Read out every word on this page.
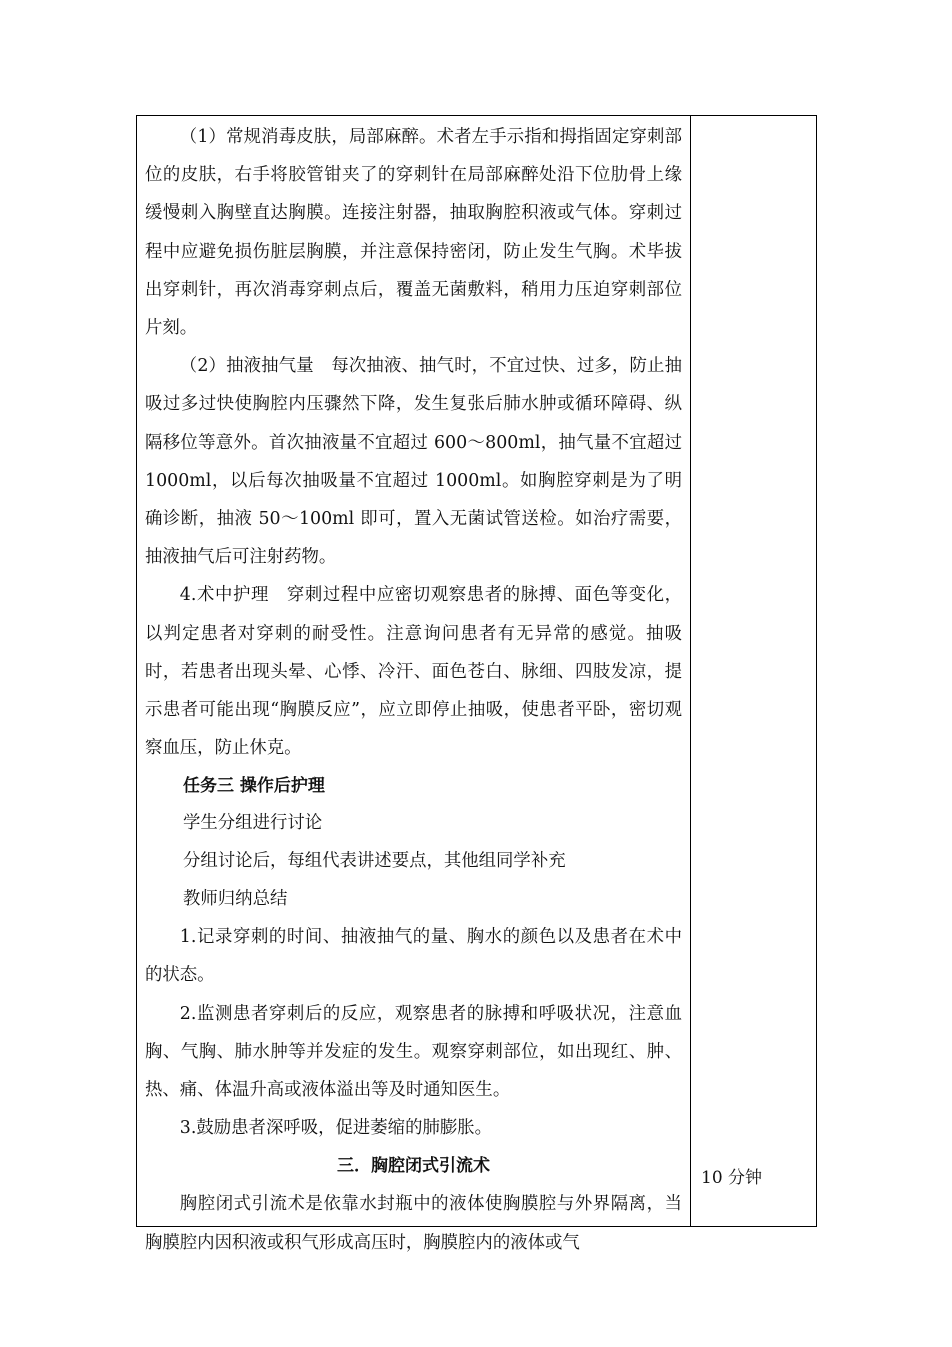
（1）常规消毒皮肤，局部麻醉。术者左手示指和拇指固定穿刺部位的皮肤，右手将胶管钳夹了的穿刺针在局部麻醉处沿下位肋骨上缘缓慢刺入胸壁直达胸膜。连接注射器，抽取胸腔积液或气体。穿刺过程中应避免损伤脏层胸膜，并注意保持密闭，防止发生气胸。术毕拔出穿刺针，再次消毒穿刺点后，覆盖无菌敷料，稍用力压迫穿刺部位片刻。

（2）抽液抽气量　每次抽液、抽气时，不宜过快、过多，防止抽吸过多过快使胸腔内压骤然下降，发生复张后肺水肿或循环障碍、纵隔移位等意外。首次抽液量不宜超过 600～800ml，抽气量不宜超过 1000ml，以后每次抽吸量不宜超过 1000ml。如胸腔穿刺是为了明确诊断，抽液 50～100ml 即可，置入无菌试管送检。如治疗需要，抽液抽气后可注射药物。

4.术中护理　穿刺过程中应密切观察患者的脉搏、面色等变化，以判定患者对穿刺的耐受性。注意询问患者有无异常的感觉。抽吸时，若患者出现头晕、心悸、冷汗、面色苍白、脉细、四肢发凉，提示患者可能出现“胸膜反应”，应立即停止抽吸，使患者平卧，密切观察血压，防止休克。

任务三 操作后护理

学生分组进行讨论

分组讨论后，每组代表讲述要点，其他组同学补充

教师归纳总结

1.记录穿刺的时间、抽液抽气的量、胸水的颜色以及患者在术中的状态。

2.监测患者穿刺后的反应，观察患者的脉搏和呼吸状况，注意血胸、气胸、肺水肿等并发症的发生。观察穿刺部位，如出现红、肿、热、痛、体温升高或液体溢出等及时通知医生。

3.鼓励患者深呼吸，促进萎缩的肺膨胀。

三．胸腔闭式引流术

胸腔闭式引流术是依靠水封瓶中的液体使胸膜腔与外界隔离，当胸膜腔内因积液或积气形成高压时，胸膜腔内的液体或气

10 分钟
